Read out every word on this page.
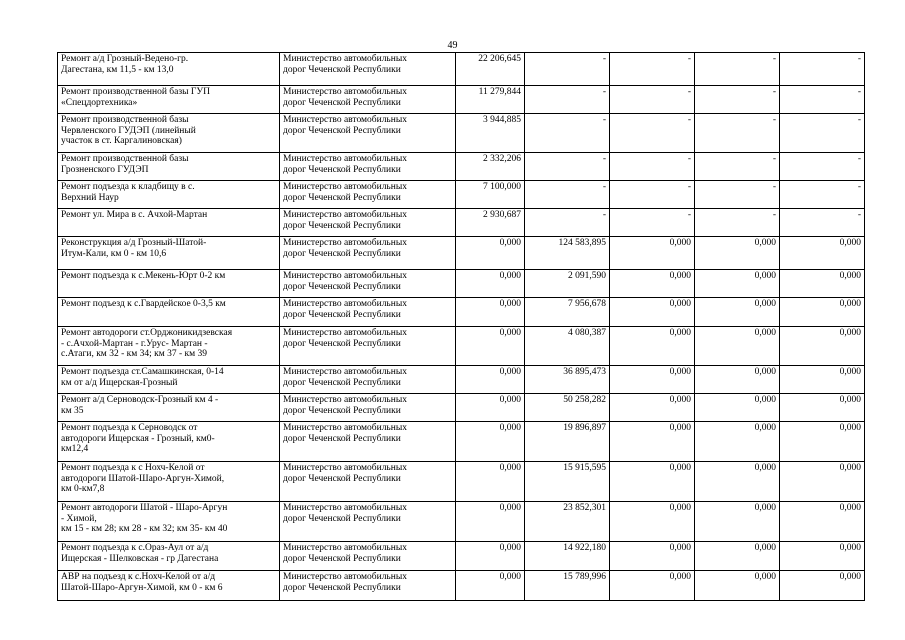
49
Ремонт а/д Грозный-Ведено-гр.
Дагестана, км 11,5 - км 13,0	Министерство автомобильных
дорог Чеченской Республики	22 206,645	-	-	-	-
Ремонт производственной базы ГУП
«Спецдортехника»	Министерство автомобильных
дорог Чеченской Республики	11 279,844	-	-	-	-
Ремонт производственной базы
Червленского ГУДЭП (линейный
участок в ст. Каргалиновская)	Министерство автомобильных
дорог Чеченской Республики	3 944,885	-	-	-	-
Ремонт производственной базы
Грозненского ГУДЭП	Министерство автомобильных
дорог Чеченской Республики	2 332,206	-	-	-	-
Ремонт подъезда к кладбищу в с.
Верхний Наур	Министерство автомобильных
дорог Чеченской Республики	7 100,000	-	-	-	-
Ремонт ул. Мира в с. Ачхой-Мартан	Министерство автомобильных
дорог Чеченской Республики	2 930,687	-	-	-	-
Реконструкция а/д Грозный-Шатой-
Итум-Кали, км 0 - км 10,6	Министерство автомобильных
дорог Чеченской Республики	0,000	124 583,895	0,000	0,000	0,000
Ремонт подъезда к с.Мекень-Юрт 0-2 км	Министерство автомобильных
дорог Чеченской Республики	0,000	2 091,590	0,000	0,000	0,000
Ремонт подъезд к с.Гвардейское 0-3,5 км	Министерство автомобильных
дорог Чеченской Республики	0,000	7 956,678	0,000	0,000	0,000
Ремонт автодороги ст.Орджоникидзевская
- с.Ачхой-Мартан - г.Урус- Мартан -
с.Атаги, км 32 - км 34; км 37 - км 39	Министерство автомобильных
дорог Чеченской Республики	0,000	4 080,387	0,000	0,000	0,000
Ремонт подъезда ст.Самашкинская, 0-14
км от а/д Ищерская-Грозный	Министерство автомобильных
дорог Чеченской Республики	0,000	36 895,473	0,000	0,000	0,000
Ремонт а/д Серноводск-Грозный км 4 -
км 35	Министерство автомобильных
дорог Чеченской Республики	0,000	50 258,282	0,000	0,000	0,000
Ремонт подъезда к Серноводск от
автодороги Ищерская - Грозный, км0-
км12,4	Министерство автомобильных
дорог Чеченской Республики	0,000	19 896,897	0,000	0,000	0,000
Ремонт подъезда к с Нохч-Келой от
автодороги Шатой-Шаро-Аргун-Химой,
км 0-км7,8	Министерство автомобильных
дорог Чеченской Республики	0,000	15 915,595	0,000	0,000	0,000
Ремонт автодороги Шатой - Шаро-Аргун
- Химой,
км 15 - км 28; км 28 - км 32; км 35- км 40	Министерство автомобильных
дорог Чеченской Республики	0,000	23 852,301	0,000	0,000	0,000
Ремонт подъезда к с.Ораз-Аул от а/д
Ищерская - Шелковская - гр Дагестана	Министерство автомобильных
дорог Чеченской Республики	0,000	14 922,180	0,000	0,000	0,000
АВР на подъезд к с.Нохч-Келой от а/д
Шатой-Шаро-Аргун-Химой, км 0 - км 6	Министерство автомобильных
дорог Чеченской Республики	0,000	15 789,996	0,000	0,000	0,000
